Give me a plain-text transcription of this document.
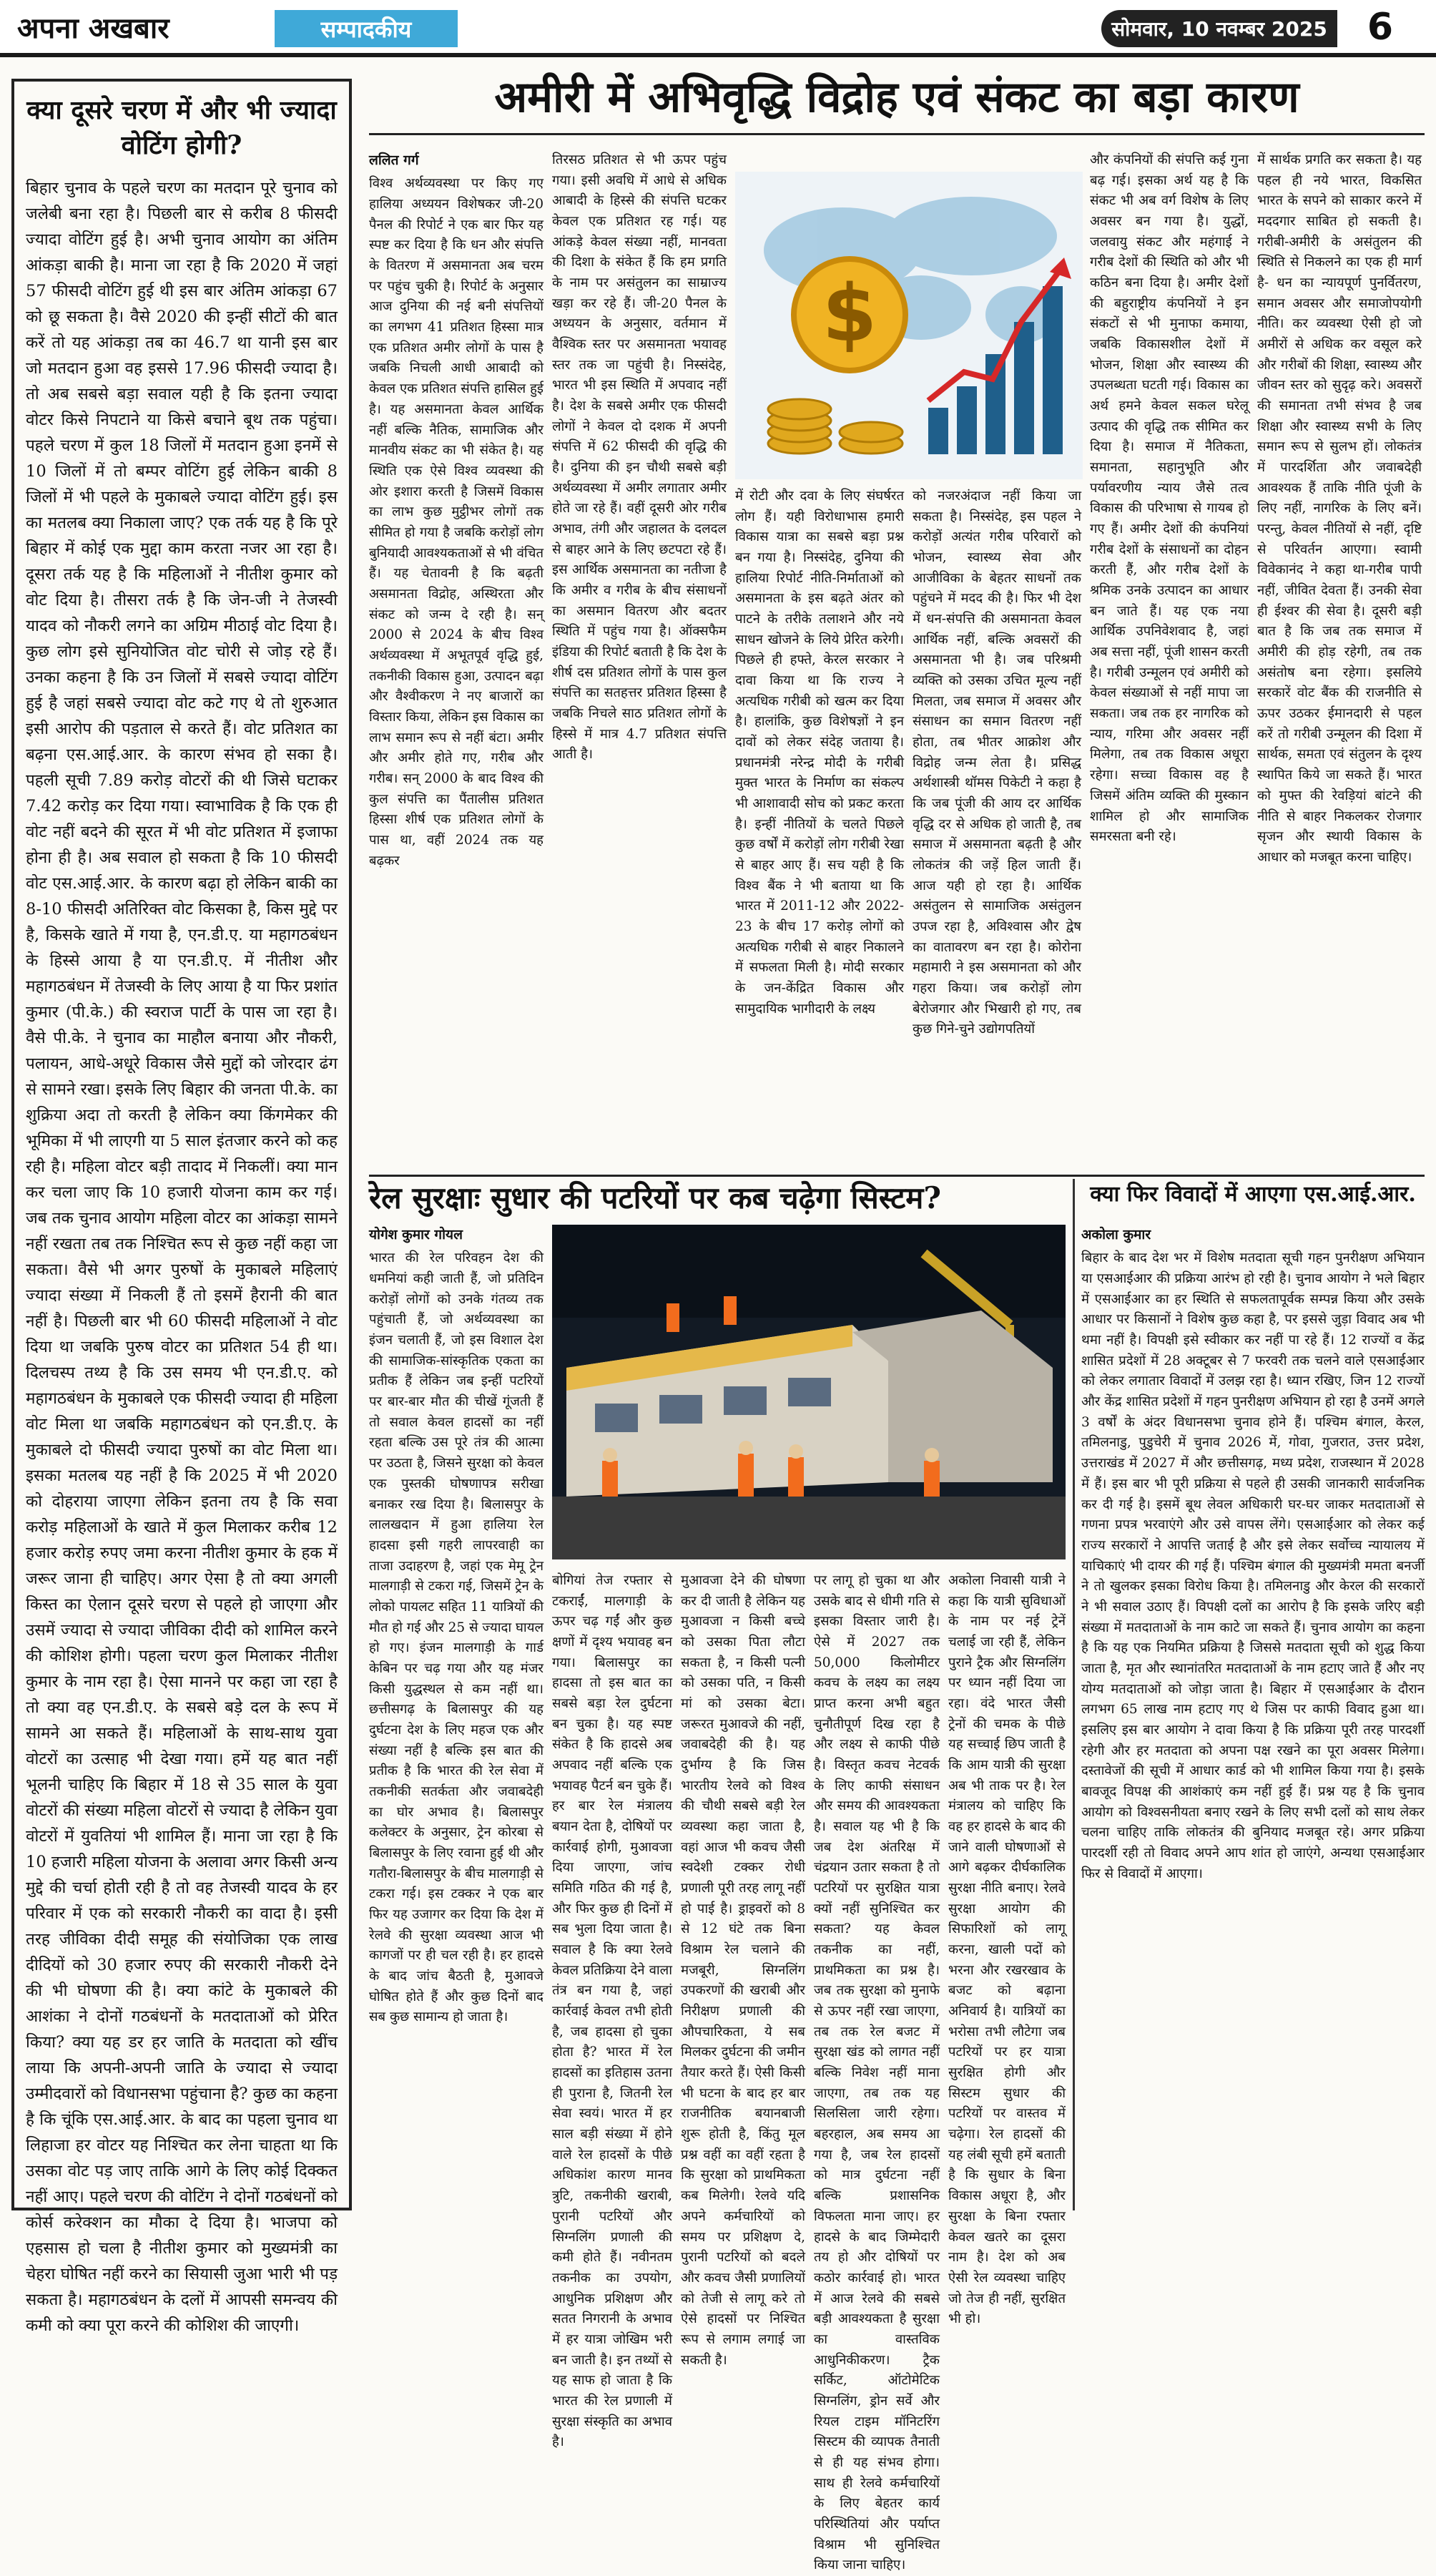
अपना अखबार	सम्पादकीय	सोमवार, 10 नवम्बर 2025	6
क्या दूसरे चरण में और भी ज्यादा वोटिंग होगी?

बिहार चुनाव के पहले चरण का मतदान पूरे चुनाव को जलेबी बना रहा है। पिछली बार से करीब 8 फीसदी ज्यादा वोटिंग हुई है। अभी चुनाव आयोग का अंतिम आंकड़ा बाकी है। माना जा रहा है कि 2020 में जहां 57 फीसदी वोटिंग हुई थी इस बार अंतिम आंकड़ा 67 को छू सकता है। वैसे 2020 की इन्हीं सीटों की बात करें तो यह आंकड़ा तब का 46.7 था यानी इस बार जो मतदान हुआ वह इससे 17.96 फीसदी ज्यादा है। तो अब सबसे बड़ा सवाल यही है कि इतना ज्यादा वोटर किसे निपटाने या किसे बचाने बूथ तक पहुंचा। पहले चरण में कुल 18 जिलों में मतदान हुआ इनमें से 10 जिलों में तो बम्पर वोटिंग हुई लेकिन बाकी 8 जिलों में भी पहले के मुकाबले ज्यादा वोटिंग हुई। इस का मतलब क्या निकाला जाए? एक तर्क यह है कि पूरे बिहार में कोई एक मुद्दा काम करता नजर आ रहा है। दूसरा तर्क यह है कि महिलाओं ने नीतीश कुमार को वोट दिया है। तीसरा तर्क है कि जेन-जी ने तेजस्वी यादव को नौकरी लगने का अग्रिम मीठाई वोट दिया है। कुछ लोग इसे सुनियोजित वोट चोरी से जोड़ रहे हैं। उनका कहना है कि उन जिलों में सबसे ज्यादा वोटिंग हुई है जहां सबसे ज्यादा वोट कटे गए थे तो शुरुआत इसी आरोप की पड़ताल से करते हैं। वोट प्रतिशत का बढ़ना एस.आई.आर. के कारण संभव हो सका है। पहली सूची 7.89 करोड़ वोटरों की थी जिसे घटाकर 7.42 करोड़ कर दिया गया। स्वाभाविक है कि एक ही वोट नहीं बदने की सूरत में भी वोट प्रतिशत में इजाफा होना ही है। अब सवाल हो सकता है कि 10 फीसदी वोट एस.आई.आर. के कारण बढ़ा हो लेकिन बाकी का 8-10 फीसदी अतिरिक्त वोट किसका है, किस मुद्दे पर है, किसके खाते में गया है, एन.डी.ए. या महागठबंधन के हिस्से आया है या एन.डी.ए. में नीतीश और महागठबंधन में तेजस्वी के लिए आया है या फिर प्रशांत कुमार (पी.के.) की स्वराज पार्टी के पास जा रहा है। वैसे पी.के. ने चुनाव का माहौल बनाया और नौकरी, पलायन, आधे-अधूरे विकास जैसे मुद्दों को जोरदार ढंग से सामने रखा। इसके लिए बिहार की जनता पी.के. का शुक्रिया अदा तो करती है लेकिन क्या किंगमेकर की भूमिका में भी लाएगी या 5 साल इंतजार करने को कह रही है। महिला वोटर बड़ी तादाद में निकलीं। क्या मान कर चला जाए कि 10 हजारी योजना काम कर गई। जब तक चुनाव आयोग महिला वोटर का आंकड़ा सामने नहीं रखता तब तक निश्चित रूप से कुछ नहीं कहा जा सकता। वैसे भी अगर पुरुषों के मुकाबले महिलाएं ज्यादा संख्या में निकली हैं तो इसमें हैरानी की बात नहीं है। पिछली बार भी 60 फीसदी महिलाओं ने वोट दिया था जबकि पुरुष वोटर का प्रतिशत 54 ही था। दिलचस्प तथ्य है कि उस समय भी एन.डी.ए. को महागठबंधन के मुकाबले एक फीसदी ज्यादा ही महिला वोट मिला था जबकि महागठबंधन को एन.डी.ए. के मुकाबले दो फीसदी ज्यादा पुरुषों का वोट मिला था। इसका मतलब यह नहीं है कि 2025 में भी 2020 को दोहराया जाएगा लेकिन इतना तय है कि सवा करोड़ महिलाओं के खाते में कुल मिलाकर करीब 12 हजार करोड़ रुपए जमा करना नीतीश कुमार के हक में जरूर जाना ही चाहिए। अगर ऐसा है तो क्या अगली किस्त का ऐलान दूसरे चरण से पहले हो जाएगा और उसमें ज्यादा से ज्यादा जीविका दीदी को शामिल करने की कोशिश होगी। पहला चरण कुल मिलाकर नीतीश कुमार के नाम रहा है। ऐसा मानने पर कहा जा रहा है तो क्या वह एन.डी.ए. के सबसे बड़े दल के रूप में सामने आ सकते हैं। महिलाओं के साथ-साथ युवा वोटरों का उत्साह भी देखा गया। हमें यह बात नहीं भूलनी चाहिए कि बिहार में 18 से 35 साल के युवा वोटरों की संख्या महिला वोटरों से ज्यादा है लेकिन युवा वोटरों में युवतियां भी शामिल हैं। माना जा रहा है कि 10 हजारी महिला योजना के अलावा अगर किसी अन्य मुद्दे की चर्चा होती रही है तो वह तेजस्वी यादव के हर परिवार में एक को सरकारी नौकरी का वादा है। इसी तरह जीविका दीदी समूह की संयोजिका एक लाख दीदियों को 30 हजार रुपए की सरकारी नौकरी देने की भी घोषणा की है। क्या कांटे के मुकाबले की आशंका ने दोनों गठबंधनों के मतदाताओं को प्रेरित किया? क्या यह डर हर जाति के मतदाता को खींच लाया कि अपनी-अपनी जाति के ज्यादा से ज्यादा उम्मीदवारों को विधानसभा पहुंचाना है? कुछ का कहना है कि चूंकि एस.आई.आर. के बाद का पहला चुनाव था लिहाजा हर वोटर यह निश्चित कर लेना चाहता था कि उसका वोट पड़ जाए ताकि आगे के लिए कोई दिक्कत नहीं आए। पहले चरण की वोटिंग ने दोनों गठबंधनों को कोर्स करेक्शन का मौका दे दिया है। भाजपा को एहसास हो चला है नीतीश कुमार को मुख्यमंत्री का चेहरा घोषित नहीं करने का सियासी जुआ भारी भी पड़ सकता है। महागठबंधन के दलों में आपसी समन्वय की कमी को क्या पूरा करने की कोशिश की जाएगी।

अमीरी में अभिवृद्धि विद्रोह एवं संकट का बड़ा कारण
ललित गर्ग

विश्व अर्थव्यवस्था पर किए गए हालिया अध्ययन विशेषकर जी-20 पैनल की रिपोर्ट ने एक बार फिर यह स्पष्ट कर दिया है कि धन और संपत्ति के वितरण में असमानता अब चरम पर पहुंच चुकी है। रिपोर्ट के अनुसार आज दुनिया की नई बनी संपत्तियों का लगभग 41 प्रतिशत हिस्सा मात्र एक प्रतिशत अमीर लोगों के पास है जबकि निचली आधी आबादी को केवल एक प्रतिशत संपत्ति हासिल हुई है। यह असमानता केवल आर्थिक नहीं बल्कि नैतिक, सामाजिक और मानवीय संकट का भी संकेत है। यह स्थिति एक ऐसे विश्व व्यवस्था की ओर इशारा करती है जिसमें विकास का लाभ कुछ मुट्ठीभर लोगों तक सीमित हो गया है जबकि करोड़ों लोग बुनियादी आवश्यकताओं से भी वंचित हैं। यह चेतावनी है कि बढ़ती असमानता विद्रोह, अस्थिरता और संकट को जन्म दे रही है। सन् 2000 से 2024 के बीच विश्व अर्थव्यवस्था में अभूतपूर्व वृद्धि हुई, तकनीकी विकास हुआ, उत्पादन बढ़ा और वैश्वीकरण ने नए बाजारों का विस्तार किया, लेकिन इस विकास का लाभ समान रूप से नहीं बंटा। अमीर और अमीर होते गए, गरीब और गरीब। सन् 2000 के बाद विश्व की कुल संपत्ति का पैंतालीस प्रतिशत हिस्सा शीर्ष एक प्रतिशत लोगों के पास था, वहीं 2024 तक यह बढ़कर

तिरसठ प्रतिशत से भी ऊपर पहुंच गया। इसी अवधि में आधे से अधिक आबादी के हिस्से की संपत्ति घटकर केवल एक प्रतिशत रह गई। यह आंकड़े केवल संख्या नहीं, मानवता की दिशा के संकेत हैं कि हम प्रगति के नाम पर असंतुलन का साम्राज्य खड़ा कर रहे हैं। जी-20 पैनल के अध्ययन के अनुसार, वर्तमान में वैश्विक स्तर पर असमानता भयावह स्तर तक जा पहुंची है। निस्संदेह, भारत भी इस स्थिति में अपवाद नहीं है। देश के सबसे अमीर एक फीसदी लोगों ने केवल दो दशक में अपनी संपत्ति में 62 फीसदी की वृद्धि की है। दुनिया की इन चौथी सबसे बड़ी अर्थव्यवस्था में अमीर लगातार अमीर होते जा रहे हैं। वहीं दूसरी ओर गरीब अभाव, तंगी और जहालत के दलदल से बाहर आने के लिए छटपटा रहे हैं। इस आर्थिक असमानता का नतीजा है कि अमीर व गरीब के बीच संसाधनों का असमान वितरण और बदतर स्थिति में पहुंच गया है। ऑक्सफैम इंडिया की रिपोर्ट बताती है कि देश के शीर्ष दस प्रतिशत लोगों के पास कुल संपत्ति का सतहत्तर प्रतिशत हिस्सा है जबकि निचले साठ प्रतिशत लोगों के हिस्से में मात्र 4.7 प्रतिशत संपत्ति आती है।

$

में रोटी और दवा के लिए संघर्षरत लोग हैं। यही विरोधाभास हमारी विकास यात्रा का सबसे बड़ा प्रश्न बन गया है। निस्संदेह, दुनिया की हालिया रिपोर्ट नीति-निर्माताओं को असमानता के इस बढ़ते अंतर को पाटने के तरीके तलाशने और नये साधन खोजने के लिये प्रेरित करेगी। पिछले ही हफ्ते, केरल सरकार ने दावा किया था कि राज्य ने अत्यधिक गरीबी को खत्म कर दिया है। हालांकि, कुछ विशेषज्ञों ने इन दावों को लेकर संदेह जताया है। प्रधानमंत्री नरेन्द्र मोदी के गरीबी मुक्त भारत के निर्माण का संकल्प भी आशावादी सोच को प्रकट करता है। इन्हीं नीतियों के चलते पिछले कुछ वर्षों में करोड़ों लोग गरीबी रेखा से बाहर आए हैं। सच यही है कि विश्व बैंक ने भी बताया था कि भारत में 2011-12 और 2022-23 के बीच 17 करोड़ लोगों को अत्यधिक गरीबी से बाहर निकालने में सफलता मिली है। मोदी सरकार के जन-केंद्रित विकास और सामुदायिक भागीदारी के लक्ष्य

को नजरअंदाज नहीं किया जा सकता है। निस्संदेह, इस पहल ने करोड़ों अत्यंत गरीब परिवारों को भोजन, स्वास्थ्य सेवा और आजीविका के बेहतर साधनों तक पहुंचने में मदद की है। फिर भी देश में धन-संपत्ति की असमानता केवल आर्थिक नहीं, बल्कि अवसरों की असमानता भी है। जब परिश्रमी व्यक्ति को उसका उचित मूल्य नहीं मिलता, जब समाज में अवसर और संसाधन का समान वितरण नहीं होता, तब भीतर आक्रोश और विद्रोह जन्म लेता है। प्रसिद्ध अर्थशास्त्री थॉमस पिकेटी ने कहा है कि जब पूंजी की आय दर आर्थिक वृद्धि दर से अधिक हो जाती है, तब समाज में असमानता बढ़ती है और लोकतंत्र की जड़ें हिल जाती हैं। आज यही हो रहा है। आर्थिक असंतुलन से सामाजिक असंतुलन उपज रहा है, अविश्वास और द्वेष का वातावरण बन रहा है। कोरोना महामारी ने इस असमानता को और गहरा किया। जब करोड़ों लोग बेरोजगार और भिखारी हो गए, तब कुछ गिने-चुने उद्योगपतियों

और कंपनियों की संपत्ति कई गुना बढ़ गई। इसका अर्थ यह है कि संकट भी अब वर्ग विशेष के लिए अवसर बन गया है। युद्धों, जलवायु संकट और महंगाई ने गरीब देशों की स्थिति को और भी कठिन बना दिया है। अमीर देशों की बहुराष्ट्रीय कंपनियों ने इन संकटों से भी मुनाफा कमाया, जबकि विकासशील देशों में भोजन, शिक्षा और स्वास्थ्य की उपलब्धता घटती गई। विकास का अर्थ हमने केवल सकल घरेलू उत्पाद की वृद्धि तक सीमित कर दिया है। समाज में नैतिकता, समानता, सहानुभूति और पर्यावरणीय न्याय जैसे तत्व विकास की परिभाषा से गायब हो गए हैं। अमीर देशों की कंपनियां गरीब देशों के संसाधनों का दोहन करती हैं, और गरीब देशों के श्रमिक उनके उत्पादन का आधार बन जाते हैं। यह एक नया आर्थिक उपनिवेशवाद है, जहां अब सत्ता नहीं, पूंजी शासन करती है। गरीबी उन्मूलन एवं अमीरी को केवल संख्याओं से नहीं मापा जा सकता। जब तक हर नागरिक को न्याय, गरिमा और अवसर नहीं मिलेगा, तब तक विकास अधूरा रहेगा। सच्चा विकास वह है जिसमें अंतिम व्यक्ति की मुस्कान शामिल हो और सामाजिक समरसता बनी रहे।

में सार्थक प्रगति कर सकता है। यह पहल ही नये भारत, विकसित भारत के सपने को साकार करने में मददगार साबित हो सकती है। गरीबी-अमीरी के असंतुलन की स्थिति से निकलने का एक ही मार्ग है- धन का न्यायपूर्ण पुनर्वितरण, समान अवसर और समाजोपयोगी नीति। कर व्यवस्था ऐसी हो जो अमीरों से अधिक कर वसूल करे और गरीबों की शिक्षा, स्वास्थ्य और जीवन स्तर को सुदृढ़ करे। अवसरों की समानता तभी संभव है जब शिक्षा और स्वास्थ्य सभी के लिए समान रूप से सुलभ हों। लोकतंत्र में पारदर्शिता और जवाबदेही आवश्यक हैं ताकि नीति पूंजी के लिए नहीं, नागरिक के लिए बनें। परन्तु, केवल नीतियों से नहीं, दृष्टि से परिवर्तन आएगा। स्वामी विवेकानंद ने कहा था-गरीब पापी नहीं, जीवित देवता हैं। उनकी सेवा ही ईश्वर की सेवा है। दूसरी बड़ी बात है कि जब तक समाज में अमीरी की होड़ रहेगी, तब तक असंतोष बना रहेगा। इसलिये सरकारें वोट बैंक की राजनीति से ऊपर उठकर ईमानदारी से पहल करें तो गरीबी उन्मूलन की दिशा में सार्थक, समता एवं संतुलन के दृश्य स्थापित किये जा सकते हैं। भारत को मुफ्त की रेवड़ियां बांटने की नीति से बाहर निकलकर रोजगार सृजन और स्थायी विकास के आधार को मजबूत करना चाहिए।

रेल सुरक्षाः सुधार की पटरियों पर कब चढ़ेगा सिस्टम?
योगेश कुमार गोयल

भारत की रेल परिवहन देश की धमनियां कही जाती हैं, जो प्रतिदिन करोड़ों लोगों को उनके गंतव्य तक पहुंचाती हैं, जो अर्थव्यवस्था का इंजन चलाती हैं, जो इस विशाल देश की सामाजिक-सांस्कृतिक एकता का प्रतीक हैं लेकिन जब इन्हीं पटरियों पर बार-बार मौत की चीखें गूंजती हैं तो सवाल केवल हादसों का नहीं रहता बल्कि उस पूरे तंत्र की आत्मा पर उठता है, जिसने सुरक्षा को केवल एक पुस्तकी घोषणापत्र सरीखा बनाकर रख दिया है। बिलासपुर के लालखदान में हुआ हालिया रेल हादसा इसी गहरी लापरवाही का ताजा उदाहरण है, जहां एक मेमू ट्रेन मालगाड़ी से टकरा गई, जिसमें ट्रेन के लोको पायलट सहित 11 यात्रियों की मौत हो गई और 25 से ज्यादा घायल हो गए। इंजन मालगाड़ी के गार्ड केबिन पर चढ़ गया और यह मंजर किसी युद्धस्थल से कम नहीं था। छत्तीसगढ़ के बिलासपुर की यह दुर्घटना देश के लिए महज एक और संख्या नहीं है बल्कि इस बात की प्रतीक है कि भारत की रेल सेवा में तकनीकी सतर्कता और जवाबदेही का घोर अभाव है। बिलासपुर कलेक्टर के अनुसार, ट्रेन कोरबा से बिलासपुर के लिए रवाना हुई थी और गतौरा-बिलासपुर के बीच मालगाड़ी से टकरा गई। इस टक्कर ने एक बार फिर यह उजागर कर दिया कि देश में रेलवे की सुरक्षा व्यवस्था आज भी कागजों पर ही चल रही है। हर हादसे के बाद जांच बैठती है, मुआवजे घोषित होते हैं और कुछ दिनों बाद सब कुछ सामान्य हो जाता है।

बोगियां तेज रफ्तार से टकराईं, मालगाड़ी के ऊपर चढ़ गईं और कुछ क्षणों में दृश्य भयावह बन गया। बिलासपुर का हादसा तो इस बात का सबसे बड़ा रेल दुर्घटना बन चुका है। यह स्पष्ट संकेत है कि हादसे अब अपवाद नहीं बल्कि एक भयावह पैटर्न बन चुके हैं। हर बार रेल मंत्रालय बयान देता है, दोषियों पर कार्रवाई होगी, मुआवजा दिया जाएगा, जांच समिति गठित की गई है, और फिर कुछ ही दिनों में सब भुला दिया जाता है। सवाल है कि क्या रेलवे केवल प्रतिक्रिया देने वाला तंत्र बन गया है, जहां कार्रवाई केवल तभी होती है, जब हादसा हो चुका होता है? भारत में रेल हादसों का इतिहास उतना ही पुराना है, जितनी रेल सेवा स्वयं। भारत में हर साल बड़ी संख्या में होने वाले रेल हादसों के पीछे अधिकांश कारण मानव त्रुटि, तकनीकी खराबी, पुरानी पटरियों और सिग्नलिंग प्रणाली की कमी होते हैं। नवीनतम तकनीक का उपयोग, आधुनिक प्रशिक्षण और सतत निगरानी के अभाव में हर यात्रा जोखिम भरी बन जाती है। इन तथ्यों से यह साफ हो जाता है कि भारत की रेल प्रणाली में सुरक्षा संस्कृति का अभाव है।

मुआवजा देने की घोषणा कर दी जाती है लेकिन यह मुआवजा न किसी बच्चे को उसका पिता लौटा सकता है, न किसी पत्नी को उसका पति, न किसी मां को उसका बेटा। जरूरत मुआवजे की नहीं, जवाबदेही की है। यह दुर्भाग्य है कि जिस भारतीय रेलवे को विश्व की चौथी सबसे बड़ी रेल व्यवस्था कहा जाता है, वहां आज भी कवच जैसी स्वदेशी टक्कर रोधी प्रणाली पूरी तरह लागू नहीं हो पाई है। ड्राइवरों को 8 से 12 घंटे तक बिना विश्राम रेल चलाने की मजबूरी, सिग्नलिंग उपकरणों की खराबी और निरीक्षण प्रणाली की औपचारिकता, ये सब मिलकर दुर्घटना की जमीन तैयार करते हैं। ऐसी किसी भी घटना के बाद हर बार राजनीतिक बयानबाजी शुरू होती है, किंतु मूल प्रश्न वहीं का वहीं रहता है कि सुरक्षा को प्राथमिकता कब मिलेगी। रेलवे यदि अपने कर्मचारियों को समय पर प्रशिक्षण दे, पुरानी पटरियों को बदले और कवच जैसी प्रणालियों को तेजी से लागू करे तो ऐसे हादसों पर निश्चित रूप से लगाम लगाई जा सकती है।

पर लागू हो चुका था और उसके बाद से धीमी गति से इसका विस्तार जारी है। ऐसे में 2027 तक 50,000 किलोमीटर कवच के लक्ष्य का लक्ष्य प्राप्त करना अभी बहुत चुनौतीपूर्ण दिख रहा है और लक्ष्य से काफी पीछे है। विस्तृत कवच नेटवर्क के लिए काफी संसाधन और समय की आवश्यकता है। सवाल यह भी है कि जब देश अंतरिक्ष में चंद्रयान उतार सकता है तो पटरियों पर सुरक्षित यात्रा क्यों नहीं सुनिश्चित कर सकता? यह केवल तकनीक का नहीं, प्राथमिकता का प्रश्न है। जब तक सुरक्षा को मुनाफे से ऊपर नहीं रखा जाएगा, तब तक रेल बजट में सुरक्षा खंड को लागत नहीं बल्कि निवेश नहीं माना जाएगा, तब तक यह सिलसिला जारी रहेगा। बहरहाल, अब समय आ गया है, जब रेल हादसों को मात्र दुर्घटना नहीं बल्कि प्रशासनिक विफलता माना जाए। हर हादसे के बाद जिम्मेदारी तय हो और दोषियों पर कठोर कार्रवाई हो। भारत में आज रेलवे की सबसे बड़ी आवश्यकता है सुरक्षा का वास्तविक आधुनिकीकरण। ट्रैक सर्किट, ऑटोमेटिक सिग्नलिंग, ड्रोन सर्वे और रियल टाइम मॉनिटरिंग सिस्टम की व्यापक तैनाती से ही यह संभव होगा। साथ ही रेलवे कर्मचारियों के लिए बेहतर कार्य परिस्थितियां और पर्याप्त विश्राम भी सुनिश्चित किया जाना चाहिए।

अकोला निवासी यात्री ने कहा कि यात्री सुविधाओं के नाम पर नई ट्रेनें चलाई जा रही हैं, लेकिन पुराने ट्रैक और सिग्नलिंग पर ध्यान नहीं दिया जा रहा। वंदे भारत जैसी ट्रेनों की चमक के पीछे यह सच्चाई छिप जाती है कि आम यात्री की सुरक्षा अब भी ताक पर है। रेल मंत्रालय को चाहिए कि वह हर हादसे के बाद की जाने वाली घोषणाओं से आगे बढ़कर दीर्घकालिक सुरक्षा नीति बनाए। रेलवे सुरक्षा आयोग की सिफारिशों को लागू करना, खाली पदों को भरना और रखरखाव के बजट को बढ़ाना अनिवार्य है। यात्रियों का भरोसा तभी लौटेगा जब पटरियों पर हर यात्रा सुरक्षित होगी और सिस्टम सुधार की पटरियों पर वास्तव में चढ़ेगा। रेल हादसों की यह लंबी सूची हमें बताती है कि सुधार के बिना विकास अधूरा है, और सुरक्षा के बिना रफ्तार केवल खतरे का दूसरा नाम है। देश को अब ऐसी रेल व्यवस्था चाहिए जो तेज ही नहीं, सुरक्षित भी हो।

क्या फिर विवादों में आएगा एस.आई.आर.
अकोला कुमार

बिहार के बाद देश भर में विशेष मतदाता सूची गहन पुनरीक्षण अभियान या एसआईआर की प्रक्रिया आरंभ हो रही है। चुनाव आयोग ने भले बिहार में एसआईआर का हर स्थिति से सफलतापूर्वक सम्पन्न किया और उसके आधार पर किसानों ने विशेष कुछ कहा है, पर इससे जुड़ा विवाद अब भी थमा नहीं है। विपक्षी इसे स्वीकार कर नहीं पा रहे हैं। 12 राज्यों व केंद्र शासित प्रदेशों में 28 अक्टूबर से 7 फरवरी तक चलने वाले एसआईआर को लेकर लगातार विवादों में उलझ रहा है। ध्यान रखिए, जिन 12 राज्यों और केंद्र शासित प्रदेशों में गहन पुनरीक्षण अभियान हो रहा है उनमें अगले 3 वर्षों के अंदर विधानसभा चुनाव होने हैं। पश्चिम बंगाल, केरल, तमिलनाडु, पुडुचेरी में चुनाव 2026 में, गोवा, गुजरात, उत्तर प्रदेश, उत्तराखंड में 2027 में और छत्तीसगढ़, मध्य प्रदेश, राजस्थान में 2028 में हैं। इस बार भी पूरी प्रक्रिया से पहले ही उसकी जानकारी सार्वजनिक कर दी गई है। इसमें बूथ लेवल अधिकारी घर-घर जाकर मतदाताओं से गणना प्रपत्र भरवाएंगे और उसे वापस लेंगे। एसआईआर को लेकर कई राज्य सरकारों ने आपत्ति जताई है और इसे लेकर सर्वोच्च न्यायालय में याचिकाएं भी दायर की गई हैं। पश्चिम बंगाल की मुख्यमंत्री ममता बनर्जी ने तो खुलकर इसका विरोध किया है। तमिलनाडु और केरल की सरकारों ने भी सवाल उठाए हैं। विपक्षी दलों का आरोप है कि इसके जरिए बड़ी संख्या में मतदाताओं के नाम काटे जा सकते हैं। चुनाव आयोग का कहना है कि यह एक नियमित प्रक्रिया है जिससे मतदाता सूची को शुद्ध किया जाता है, मृत और स्थानांतरित मतदाताओं के नाम हटाए जाते हैं और नए योग्य मतदाताओं को जोड़ा जाता है। बिहार में एसआईआर के दौरान लगभग 65 लाख नाम हटाए गए थे जिस पर काफी विवाद हुआ था। इसलिए इस बार आयोग ने दावा किया है कि प्रक्रिया पूरी तरह पारदर्शी रहेगी और हर मतदाता को अपना पक्ष रखने का पूरा अवसर मिलेगा। दस्तावेजों की सूची में आधार कार्ड को भी शामिल किया गया है। इसके बावजूद विपक्ष की आशंकाएं कम नहीं हुई हैं। प्रश्न यह है कि चुनाव आयोग को विश्वसनीयता बनाए रखने के लिए सभी दलों को साथ लेकर चलना चाहिए ताकि लोकतंत्र की बुनियाद मजबूत रहे। अगर प्रक्रिया पारदर्शी रही तो विवाद अपने आप शांत हो जाएंगे, अन्यथा एसआईआर फिर से विवादों में आएगा।
